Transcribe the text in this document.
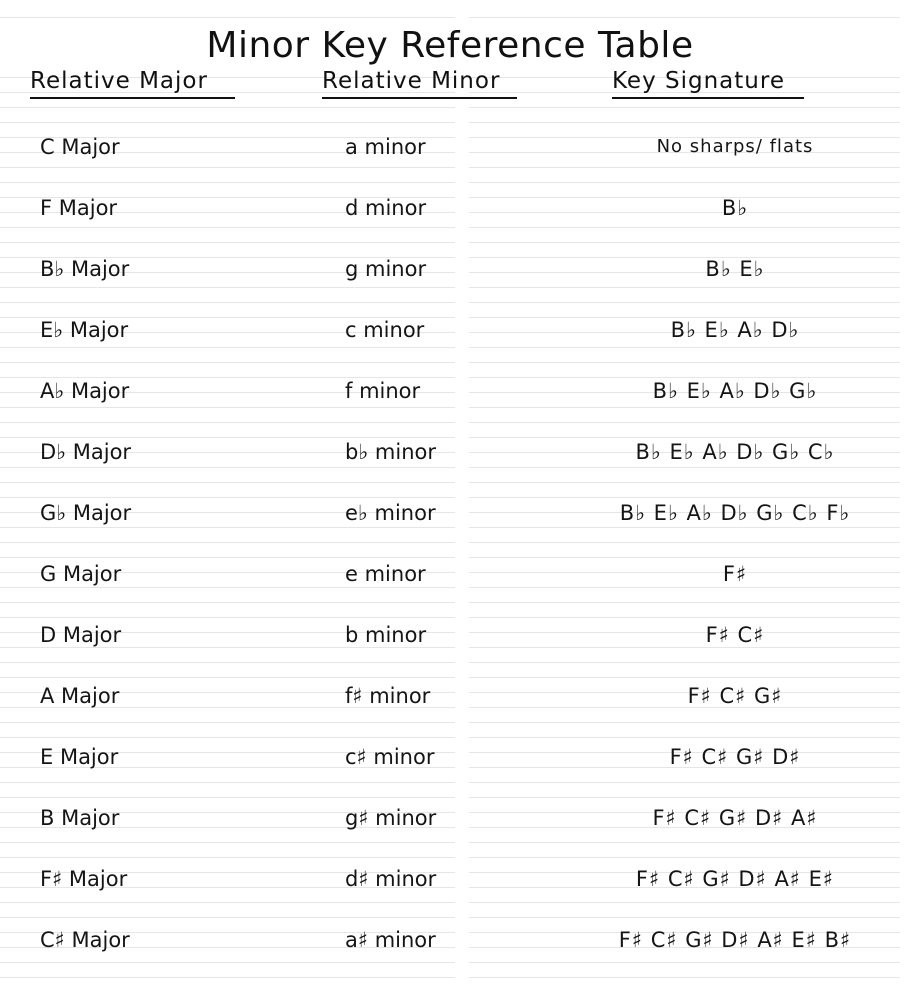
Minor Key Reference Table
Relative Major	Relative Minor	Key Signature
C Major	a minor	No sharps/ flats
F Major	d minor	B♭
B♭ Major	g minor	B♭ E♭
E♭ Major	c minor	B♭ E♭ A♭ D♭
A♭ Major	f minor	B♭ E♭ A♭ D♭ G♭
D♭ Major	b♭ minor	B♭ E♭ A♭ D♭ G♭ C♭
G♭ Major	e♭ minor	B♭ E♭ A♭ D♭ G♭ C♭ F♭
G Major	e minor	F♯
D Major	b minor	F♯ C♯
A Major	f♯ minor	F♯ C♯ G♯
E Major	c♯ minor	F♯ C♯ G♯ D♯
B Major	g♯ minor	F♯ C♯ G♯ D♯ A♯
F♯ Major	d♯ minor	F♯ C♯ G♯ D♯ A♯ E♯
C♯ Major	a♯ minor	F♯ C♯ G♯ D♯ A♯ E♯ B♯
